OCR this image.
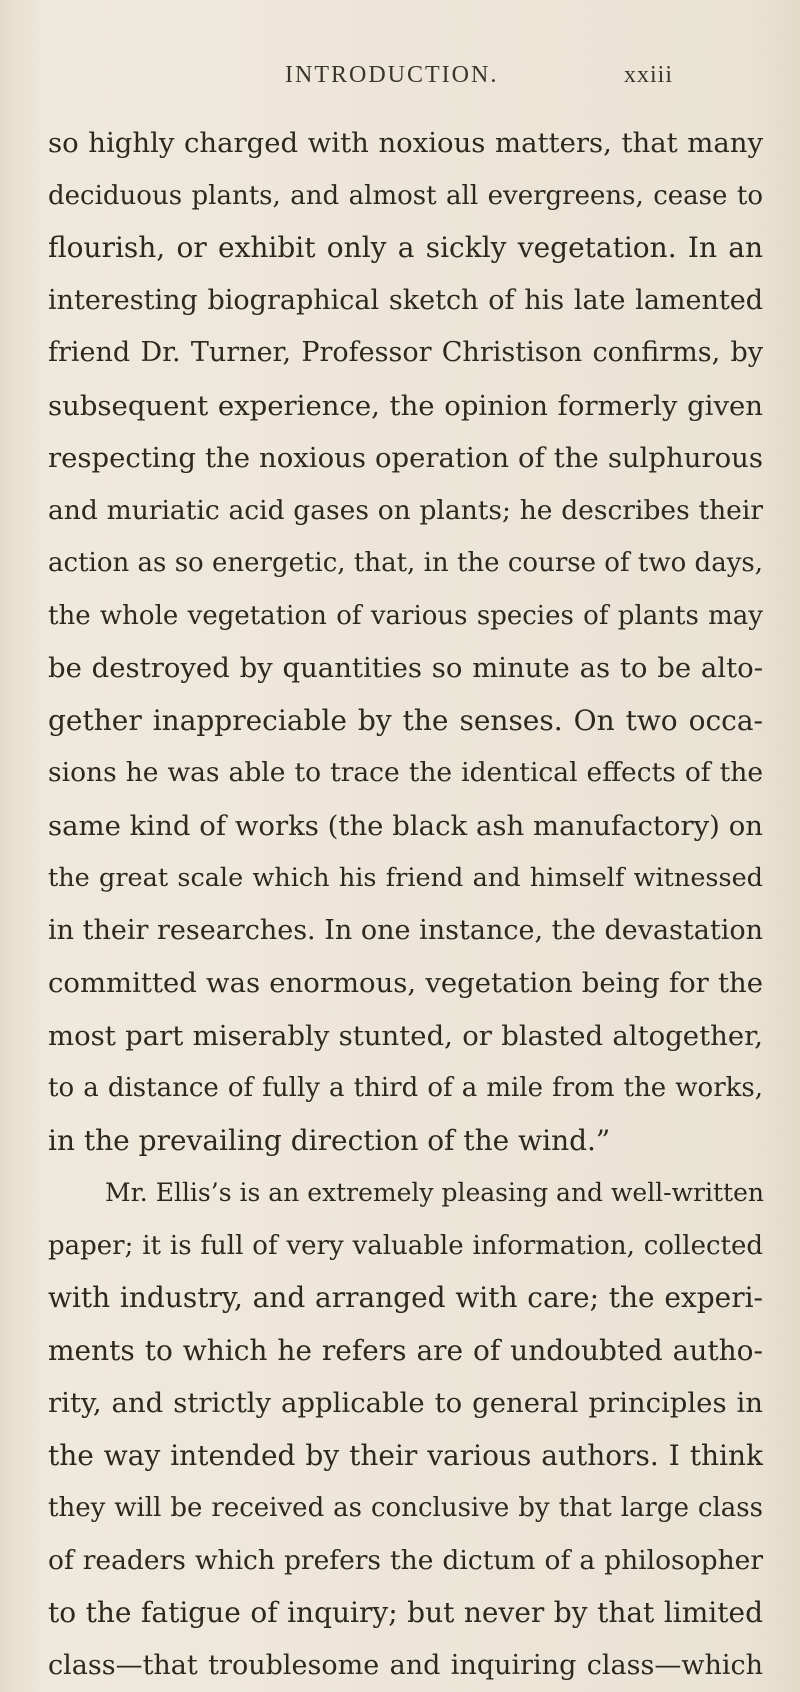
INTRODUCTION.	xxiii
so highly charged with noxious matters, that many
deciduous plants, and almost all evergreens, cease to
flourish, or exhibit only a sickly vegetation. In an
interesting biographical sketch of his late lamented
friend Dr. Turner, Professor Christison confirms, by
subsequent experience, the opinion formerly given
respecting the noxious operation of the sulphurous
and muriatic acid gases on plants; he describes their
action as so energetic, that, in the course of two days,
the whole vegetation of various species of plants may
be destroyed by quantities so minute as to be alto-
gether inappreciable by the senses. On two occa-
sions he was able to trace the identical effects of the
same kind of works (the black ash manufactory) on
the great scale which his friend and himself witnessed
in their researches. In one instance, the devastation
committed was enormous, vegetation being for the
most part miserably stunted, or blasted altogether,
to a distance of fully a third of a mile from the works,
in the prevailing direction of the wind.”
Mr. Ellis’s is an extremely pleasing and well-written
paper; it is full of very valuable information, collected
with industry, and arranged with care; the experi-
ments to which he refers are of undoubted autho-
rity, and strictly applicable to general principles in
the way intended by their various authors. I think
they will be received as conclusive by that large class
of readers which prefers the dictum of a philosopher
to the fatigue of inquiry; but never by that limited
class—that troublesome and inquiring class—which
